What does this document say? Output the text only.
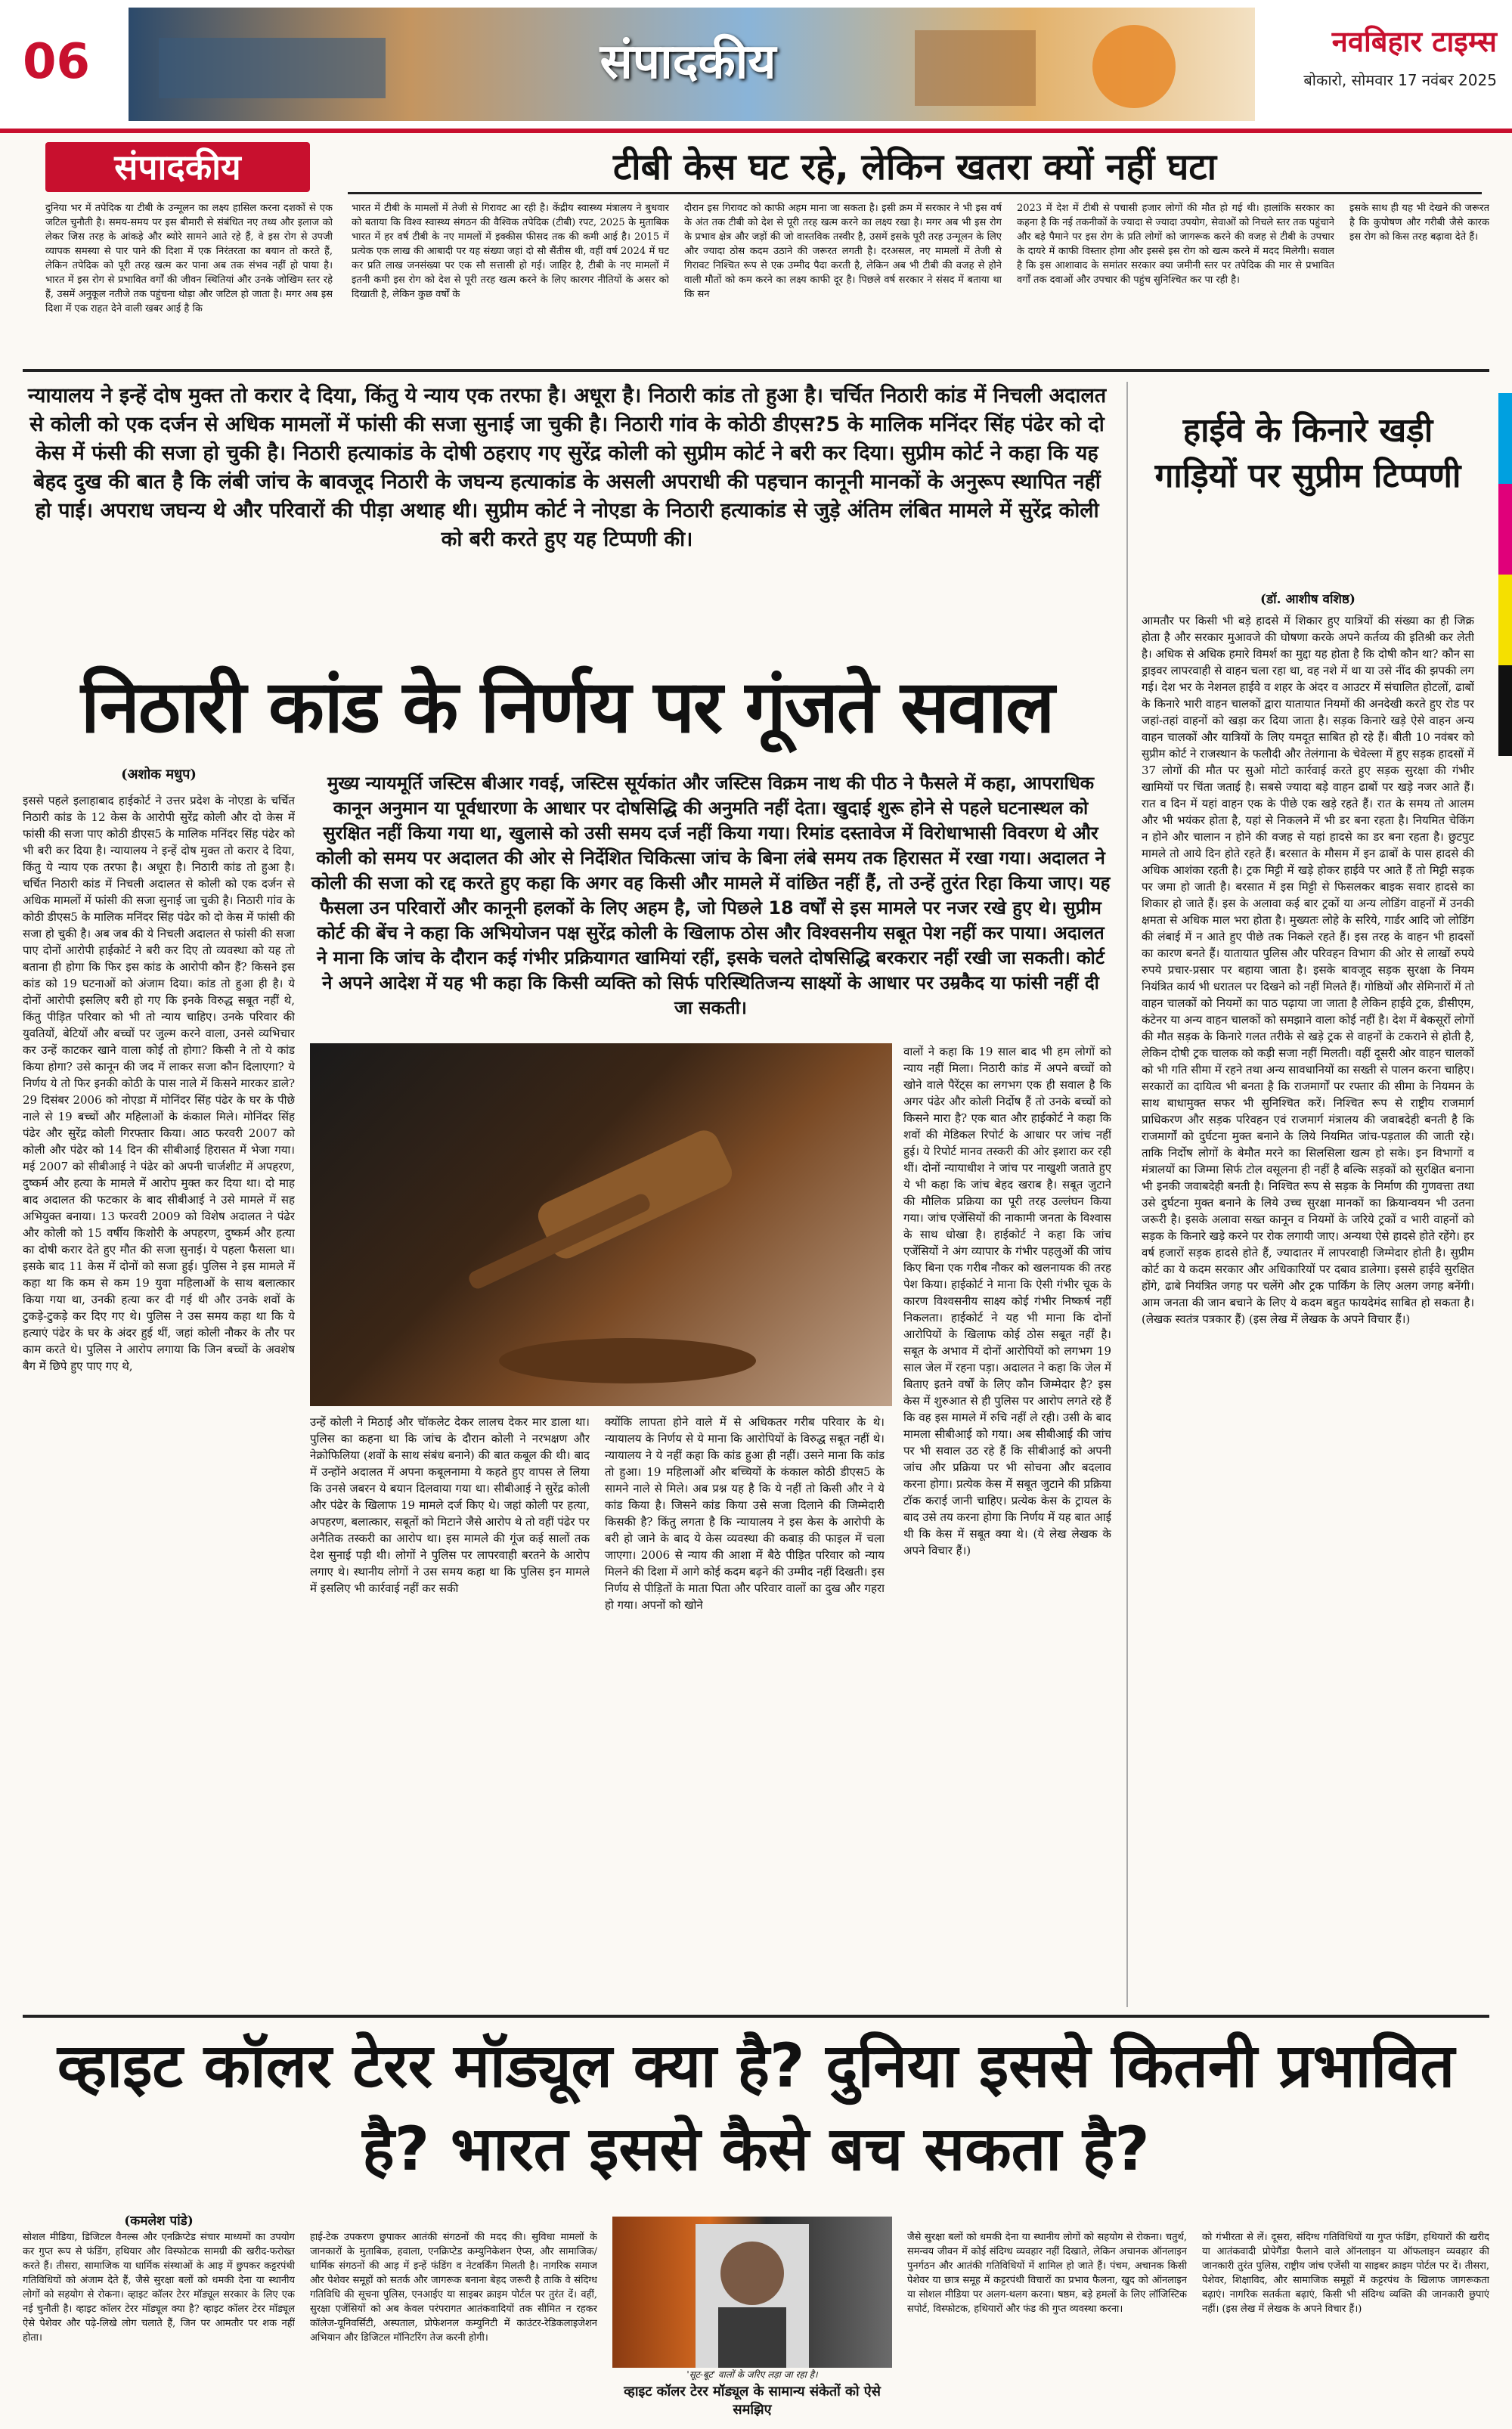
06	संपादकीय	नवबिहार टाइम्स
बोकारो, सोमवार 17 नवंबर 2025
संपादकीय	टीबी केस घट रहे, लेकिन खतरा क्यों नहीं घटा
दुनिया भर में तपेदिक या टीबी के उन्मूलन का लक्ष्य हासिल करना दशकों से एक जटिल चुनौती है। समय-समय पर इस बीमारी से संबंधित नए तथ्य और इलाज को लेकर जिस तरह के आंकड़े और ब्योरे सामने आते रहे हैं, वे इस रोग से उपजी व्यापक समस्या से पार पाने की दिशा में एक निरंतरता का बयान तो करते हैं, लेकिन तपेदिक को पूरी तरह खत्म कर पाना अब तक संभव नहीं हो पाया है। भारत में इस रोग से प्रभावित वर्गों की जीवन स्थितियां और उनके जोखिम स्तर रहे हैं, उसमें अनुकूल नतीजे तक पहुंचना थोड़ा और जटिल हो जाता है। मगर अब इस दिशा में एक राहत देने वाली खबर आई है कि
भारत में टीबी के मामलों में तेजी से गिरावट आ रही है। केंद्रीय स्वास्थ्य मंत्रालय ने बुधवार को बताया कि विश्व स्वास्थ्य संगठन की वैश्विक तपेदिक (टीबी) रपट, 2025 के मुताबिक भारत में हर वर्ष टीबी के नए मामलों में इक्कीस फीसद तक की कमी आई है। 2015 में प्रत्येक एक लाख की आबादी पर यह संख्या जहां दो सौ सैंतीस थी, वहीं वर्ष 2024 में घट कर प्रति लाख जनसंख्या पर एक सौ सत्तासी हो गई। जाहिर है, टीबी के नए मामलों में इतनी कमी इस रोग को देश से पूरी तरह खत्म करने के लिए कारगर नीतियों के असर को दिखाती है, लेकिन कुछ वर्षों के
दौरान इस गिरावट को काफी अहम माना जा सकता है। इसी क्रम में सरकार ने भी इस वर्ष के अंत तक टीबी को देश से पूरी तरह खत्म करने का लक्ष्य रखा है। मगर अब भी इस रोग के प्रभाव क्षेत्र और जड़ों की जो वास्तविक तस्वीर है, उसमें इसके पूरी तरह उन्मूलन के लिए और ज्यादा ठोस कदम उठाने की जरूरत लगती है। दरअसल, नए मामलों में तेजी से गिरावट निश्चित रूप से एक उम्मीद पैदा करती है, लेकिन अब भी टीबी की वजह से होने वाली मौतों को कम करने का लक्ष्य काफी दूर है। पिछले वर्ष सरकार ने संसद में बताया था कि सन
2023 में देश में टीबी से पचासी हजार लोगों की मौत हो गई थी। हालांकि सरकार का कहना है कि नई तकनीकों के ज्यादा से ज्यादा उपयोग, सेवाओं को निचले स्तर तक पहुंचाने और बड़े पैमाने पर इस रोग के प्रति लोगों को जागरूक करने की वजह से टीबी के उपचार के दायरे में काफी विस्तार होगा और इससे इस रोग को खत्म करने में मदद मिलेगी। सवाल है कि इस आशावाद के समांतर सरकार क्या जमीनी स्तर पर तपेदिक की मार से प्रभावित वर्गों तक दवाओं और उपचार की पहुंच सुनिश्चित कर पा रही है।
इसके साथ ही यह भी देखने की जरूरत है कि कुपोषण और गरीबी जैसे कारक इस रोग को किस तरह बढ़ावा देते हैं।
न्यायालय ने इन्हें दोष मुक्त तो करार दे दिया, किंतु ये न्याय एक तरफा है। अधूरा है। निठारी कांड तो हुआ है। चर्चित निठारी कांड में निचली अदालत से कोली को एक दर्जन से अधिक मामलों में फांसी की सजा सुनाई जा चुकी है। निठारी गांव के कोठी डीएस?5 के मालिक मनिंदर सिंह पंढेर को दो केस में फंसी की सजा हो चुकी है। निठारी हत्याकांड के दोषी ठहराए गए सुरेंद्र कोली को सुप्रीम कोर्ट ने बरी कर दिया। सुप्रीम कोर्ट ने कहा कि यह बेहद दुख की बात है कि लंबी जांच के बावजूद निठारी के जघन्य हत्याकांड के असली अपराधी की पहचान कानूनी मानकों के अनुरूप स्थापित नहीं हो पाई। अपराध जघन्य थे और परिवारों की पीड़ा अथाह थी। सुप्रीम कोर्ट ने नोएडा के निठारी हत्याकांड से जुड़े अंतिम लंबित मामले में सुरेंद्र कोली को बरी करते हुए यह टिप्पणी की।
निठारी कांड के निर्णय पर गूंजते सवाल
(अशोक मधुप)
इससे पहले इलाहाबाद हाईकोर्ट ने उत्तर प्रदेश के नोएडा के चर्चित निठारी कांड के 12 केस के आरोपी सुरेंद्र कोली और दो केस में फांसी की सजा पाए कोठी डीएस5 के मालिक मनिंदर सिंह पंढेर को भी बरी कर दिया है। न्यायालय ने इन्हें दोष मुक्त तो करार दे दिया, किंतु ये न्याय एक तरफा है। अधूरा है। निठारी कांड तो हुआ है। चर्चित निठारी कांड में निचली अदालत से कोली को एक दर्जन से अधिक मामलों में फांसी की सजा सुनाई जा चुकी है। निठारी गांव के कोठी डीएस5 के मालिक मनिंदर सिंह पंढेर को दो केस में फांसी की सजा हो चुकी है। अब जब की ये निचली अदालत से फांसी की सजा पाए दोनों आरोपी हाईकोर्ट ने बरी कर दिए तो व्यवस्था को यह तो बताना ही होगा कि फिर इस कांड के आरोपी कौन हैं? किसने इस कांड को 19 घटनाओं को अंजाम दिया। कांड तो हुआ ही है। ये दोनों आरोपी इसलिए बरी हो गए कि इनके विरुद्ध सबूत नहीं थे, किंतु पीड़ित परिवार को भी तो न्याय चाहिए। उनके परिवार की युवतियों, बेटियों और बच्चों पर जुल्म करने वाला, उनसे व्यभिचार कर उन्हें काटकर खाने वाला कोई तो होगा? किसी ने तो ये कांड किया होगा? उसे कानून की जद में लाकर सजा कौन दिलाएगा? ये निर्णय ये तो फिर इनकी कोठी के पास नाले में किसने मारकर डाले? 29 दिसंबर 2006 को नोएडा में मोनिंदर सिंह पंढेर के घर के पीछे नाले से 19 बच्चों और महिलाओं के कंकाल मिले। मोनिंदर सिंह पंढेर और सुरेंद्र कोली गिरफ्तार किया। आठ फरवरी 2007 को कोली और पंढेर को 14 दिन की सीबीआई हिरासत में भेजा गया। मई 2007 को सीबीआई ने पंढेर को अपनी चार्जशीट में अपहरण, दुष्कर्म और हत्या के मामले में आरोप मुक्त कर दिया था। दो माह बाद अदालत की फटकार के बाद सीबीआई ने उसे मामले में सह अभियुक्त बनाया। 13 फरवरी 2009 को विशेष अदालत ने पंढेर और कोली को 15 वर्षीय किशोरी के अपहरण, दुष्कर्म और हत्या का दोषी करार देते हुए मौत की सजा सुनाई। ये पहला फैसला था। इसके बाद 11 केस में दोनों को सजा हुई। पुलिस ने इस मामले में कहा था कि कम से कम 19 युवा महिलाओं के साथ बलात्कार किया गया था, उनकी हत्या कर दी गई थी और उनके शवों के टुकड़े-टुकड़े कर दिए गए थे। पुलिस ने उस समय कहा था कि ये हत्याएं पंढेर के घर के अंदर हुई थीं, जहां कोली नौकर के तौर पर काम करते थे। पुलिस ने आरोप लगाया कि जिन बच्चों के अवशेष बैग में छिपे हुए पाए गए थे,
मुख्य न्यायमूर्ति जस्टिस बीआर गवई, जस्टिस सूर्यकांत और जस्टिस विक्रम नाथ की पीठ ने फैसले में कहा, आपराधिक कानून अनुमान या पूर्वधारणा के आधार पर दोषसिद्धि की अनुमति नहीं देता। खुदाई शुरू होने से पहले घटनास्थल को सुरक्षित नहीं किया गया था, खुलासे को उसी समय दर्ज नहीं किया गया। रिमांड दस्तावेज में विरोधाभासी विवरण थे और कोली को समय पर अदालत की ओर से निर्देशित चिकित्सा जांच के बिना लंबे समय तक हिरासत में रखा गया। अदालत ने कोली की सजा को रद्द करते हुए कहा कि अगर वह किसी और मामले में वांछित नहीं हैं, तो उन्हें तुरंत रिहा किया जाए। यह फैसला उन परिवारों और कानूनी हलकों के लिए अहम है, जो पिछले 18 वर्षों से इस मामले पर नजर रखे हुए थे। सुप्रीम कोर्ट की बेंच ने कहा कि अभियोजन पक्ष सुरेंद्र कोली के खिलाफ ठोस और विश्वसनीय सबूत पेश नहीं कर पाया। अदालत ने माना कि जांच के दौरान कई गंभीर प्रक्रियागत खामियां रहीं, इसके चलते दोषसिद्धि बरकरार नहीं रखी जा सकती। कोर्ट ने अपने आदेश में यह भी कहा कि किसी व्यक्ति को सिर्फ परिस्थितिजन्य साक्ष्यों के आधार पर उम्रकैद या फांसी नहीं दी जा सकती।
उन्हें कोली ने मिठाई और चॉकलेट देकर लालच देकर मार डाला था। पुलिस का कहना था कि जांच के दौरान कोली ने नरभक्षण और नेक्रोफिलिया (शवों के साथ संबंध बनाने) की बात कबूल की थी। बाद में उन्होंने अदालत में अपना कबूलनामा ये कहते हुए वापस ले लिया कि उनसे जबरन ये बयान दिलवाया गया था। सीबीआई ने सुरेंद्र कोली और पंढेर के खिलाफ 19 मामले दर्ज किए थे। जहां कोली पर हत्या, अपहरण, बलात्कार, सबूतों को मिटाने जैसे आरोप थे तो वहीं पंढेर पर अनैतिक तस्करी का आरोप था। इस मामले की गूंज कई सालों तक देश सुनाई पड़ी थी। लोगों ने पुलिस पर लापरवाही बरतने के आरोप लगाए थे। स्थानीय लोगों ने उस समय कहा था कि पुलिस इन मामले में इसलिए भी कार्रवाई नहीं कर सकी
क्योंकि लापता होने वाले में से अधिकतर गरीब परिवार के थे। न्यायालय के निर्णय से ये माना कि आरोपियों के विरुद्ध सबूत नहीं थे। न्यायालय ने ये नहीं कहा कि कांड हुआ ही नहीं। उसने माना कि कांड तो हुआ। 19 महिलाओं और बच्चियों के कंकाल कोठी डीएस5 के सामने नाले से मिले। अब प्रश्न यह है कि ये नहीं तो किसी और ने ये कांड किया है। जिसने कांड किया उसे सजा दिलाने की जिम्मेदारी किसकी है? किंतु लगता है कि न्यायालय ने इस केस के आरोपी के बरी हो जाने के बाद ये केस व्यवस्था की कबाड़ की फाइल में चला जाएगा। 2006 से न्याय की आशा में बैठे पीड़ित परिवार को न्याय मिलने की दिशा में आगे कोई कदम बढ़ने की उम्मीद नहीं दिखती। इस निर्णय से पीड़ितों के माता पिता और परिवार वालों का दुख और गहरा हो गया। अपनों को खोने
वालों ने कहा कि 19 साल बाद भी हम लोगों को न्याय नहीं मिला। निठारी कांड में अपने बच्चों को खोने वाले पैरेंट्स का लगभग एक ही सवाल है कि अगर पंढेर और कोली निर्दोष हैं तो उनके बच्चों को किसने मारा है? एक बात और हाईकोर्ट ने कहा कि शवों की मेडिकल रिपोर्ट के आधार पर जांच नहीं हुई। ये रिपोर्ट मानव तस्करी की ओर इशारा कर रही थीं। दोनों न्यायाधीश ने जांच पर नाखुशी जताते हुए ये भी कहा कि जांच बेहद खराब है। सबूत जुटाने की मौलिक प्रक्रिया का पूरी तरह उल्लंघन किया गया। जांच एजेंसियों की नाकामी जनता के विश्वास के साथ धोखा है। हाईकोर्ट ने कहा कि जांच एजेंसियों ने अंग व्यापार के गंभीर पहलुओं की जांच किए बिना एक गरीब नौकर को खलनायक की तरह पेश किया। हाईकोर्ट ने माना कि ऐसी गंभीर चूक के कारण विश्वसनीय साक्ष्य कोई गंभीर निष्कर्ष नहीं निकलता। हाईकोर्ट ने यह भी माना कि दोनों आरोपियों के खिलाफ कोई ठोस सबूत नहीं है। सबूत के अभाव में दोनों आरोपियों को लगभग 19 साल जेल में रहना पड़ा। अदालत ने कहा कि जेल में बिताए इतने वर्षों के लिए कौन जिम्मेदार है? इस केस में शुरुआत से ही पुलिस पर आरोप लगते रहे हैं कि वह इस मामले में रुचि नहीं ले रही। उसी के बाद मामला सीबीआई को गया। अब सीबीआई की जांच पर भी सवाल उठ रहे हैं कि सीबीआई को अपनी जांच और प्रक्रिया पर भी सोचना और बदलाव करना होगा। प्रत्येक केस में सबूत जुटाने की प्रक्रिया टॉक कराई जानी चाहिए। प्रत्येक केस के ट्रायल के बाद उसे तय करना होगा कि निर्णय में यह बात आई थी कि केस में सबूत क्या थे। (ये लेख लेखक के अपने विचार हैं।)
हाईवे के किनारे खड़ी गाड़ियों पर सुप्रीम टिप्पणी
(डॉ. आशीष वशिष्ठ)
आमतौर पर किसी भी बड़े हादसे में शिकार हुए यात्रियों की संख्या का ही जिक्र होता है और सरकार मुआवजे की घोषणा करके अपने कर्तव्य की इतिश्री कर लेती है। अधिक से अधिक हमारे विमर्श का मुद्दा यह होता है कि दोषी कौन था? कौन सा ड्राइवर लापरवाही से वाहन चला रहा था, वह नशे में था या उसे नींद की झपकी लग गई। देश भर के नेशनल हाईवे व शहर के अंदर व आउटर में संचालित होटलों, ढाबों के किनारे भारी वाहन चालकों द्वारा यातायात नियमों की अनदेखी करते हुए रोड पर जहां-तहां वाहनों को खड़ा कर दिया जाता है। सड़क किनारे खड़े ऐसे वाहन अन्य वाहन चालकों और यात्रियों के लिए यमदूत साबित हो रहे हैं। बीती 10 नवंबर को सुप्रीम कोर्ट ने राजस्थान के फलौदी और तेलंगाना के चेवेल्ला में हुए सड़क हादसों में 37 लोगों की मौत पर सुओ मोटो कार्रवाई करते हुए सड़क सुरक्षा की गंभीर खामियों पर चिंता जताई है। सबसे ज्यादा बड़े वाहन ढाबों पर खड़े नजर आते हैं। रात व दिन में यहां वाहन एक के पीछे एक खड़े रहते हैं। रात के समय तो आलम और भी भयंकर होता है, यहां से निकलने में भी डर बना रहता है। नियमित चेकिंग न होने और चालान न होने की वजह से यहां हादसे का डर बना रहता है। छुटपुट मामले तो आये दिन होते रहते हैं। बरसात के मौसम में इन ढाबों के पास हादसे की अधिक आशंका रहती है। ट्रक मिट्टी में खड़े होकर हाईवे पर आते हैं तो मिट्टी सड़क पर जमा हो जाती है। बरसात में इस मिट्टी से फिसलकर बाइक सवार हादसे का शिकार हो जाते हैं। इस के अलावा कई बार ट्रकों या अन्य लोडिंग वाहनों में उनकी क्षमता से अधिक माल भरा होता है। मुख्यतः लोहे के सरिये, गार्डर आदि जो लोडिंग की लंबाई में न आते हुए पीछे तक निकले रहते हैं। इस तरह के वाहन भी हादसों का कारण बनते हैं। यातायात पुलिस और परिवहन विभाग की ओर से लाखों रुपये रुपये प्रचार-प्रसार पर बहाया जाता है। इसके बावजूद सड़क सुरक्षा के नियम नियंत्रित कार्य भी धरातल पर दिखने को नहीं मिलते हैं। गोष्ठियों और सेमिनारों में तो वाहन चालकों को नियमों का पाठ पढ़ाया जा जाता है लेकिन हाईवे ट्रक, डीसीएम, कंटेनर या अन्य वाहन चालकों को समझाने वाला कोई नहीं है। देश में बेकसूरों लोगों की मौत सड़क के किनारे गलत तरीके से खड़े ट्रक से वाहनों के टकराने से होती है, लेकिन दोषी ट्रक चालक को कड़ी सजा नहीं मिलती। वहीं दूसरी ओर वाहन चालकों को भी गति सीमा में रहने तथा अन्य सावधानियों का सख्ती से पालन करना चाहिए। सरकारों का दायित्व भी बनता है कि राजमार्गों पर रफ्तार की सीमा के नियमन के साथ बाधामुक्त सफर भी सुनिश्चित करें। निश्चित रूप से राष्ट्रीय राजमार्ग प्राधिकरण और सड़क परिवहन एवं राजमार्ग मंत्रालय की जवाबदेही बनती है कि राजमार्गों को दुर्घटना मुक्त बनाने के लिये नियमित जांच-पड़ताल की जाती रहे। ताकि निर्दोष लोगों के बेमौत मरने का सिलसिला खत्म हो सके। इन विभागों व मंत्रालयों का जिम्मा सिर्फ टोल वसूलना ही नहीं है बल्कि सड़कों को सुरक्षित बनाना भी इनकी जवाबदेही बनती है। निश्चित रूप से सड़क के निर्माण की गुणवत्ता तथा उसे दुर्घटना मुक्त बनाने के लिये उच्च सुरक्षा मानकों का क्रियान्वयन भी उतना जरूरी है। इसके अलावा सख्त कानून व नियमों के जरिये ट्रकों व भारी वाहनों को सड़क के किनारे खड़े करने पर रोक लगायी जाए। अन्यथा ऐसे हादसे होते रहेंगे। हर वर्ष हजारों सड़क हादसे होते हैं, ज्यादातर में लापरवाही जिम्मेदार होती है। सुप्रीम कोर्ट का ये कदम सरकार और अधिकारियों पर दबाव डालेगा। इससे हाईवे सुरक्षित होंगे, ढाबे नियंत्रित जगह पर चलेंगे और ट्रक पार्किंग के लिए अलग जगह बनेंगी। आम जनता की जान बचाने के लिए ये कदम बहुत फायदेमंद साबित हो सकता है। (लेखक स्वतंत्र पत्रकार हैं) (इस लेख में लेखक के अपने विचार हैं।)
व्हाइट कॉलर टेरर मॉड्यूल क्या है? दुनिया इससे कितनी प्रभावित है? भारत इससे कैसे बच सकता है?
(कमलेश पांडे)
सोशल मीडिया, डिजिटल वैनल्स और एनक्रिप्टेड संचार माध्यमों का उपयोग कर गुप्त रूप से फंडिंग, हथियार और विस्फोटक सामग्री की खरीद-फरोख्त करते हैं। तीसरा, सामाजिक या धार्मिक संस्थाओं के आड़ में छुपकर कट्टरपंथी गतिविधियों को अंजाम देते हैं, जैसे सुरक्षा बलों को धमकी देना या स्थानीय लोगों को सहयोग से रोकना। व्हाइट कॉलर टेरर मॉड्यूल सरकार के लिए एक नई चुनौती है। व्हाइट कॉलर टेरर मॉड्यूल क्या है? व्हाइट कॉलर टेरर मॉड्यूल ऐसे पेशेवर और पढ़े-लिखे लोग चलाते हैं, जिन पर आमतौर पर शक नहीं होता।
हाई-टेक उपकरण छुपाकर आतंकी संगठनों की मदद की। सुविधा मामलों के जानकारों के मुताबिक, हवाला, एनक्रिप्टेड कम्युनिकेशन ऐप्स, और सामाजिक/धार्मिक संगठनों की आड़ में इन्हें फंडिंग व नेटवर्किंग मिलती है। नागरिक समाज और पेशेवर समूहों को सतर्क और जागरूक बनाना बेहद जरूरी है ताकि वे संदिग्ध गतिविधि की सूचना पुलिस, एनआईए या साइबर क्राइम पोर्टल पर तुरंत दें। वहीं, सुरक्षा एजेंसियों को अब केवल परंपरागत आतंकवादियों तक सीमित न रहकर कॉलेज-यूनिवर्सिटी, अस्पताल, प्रोफेशनल कम्युनिटी में काउंटर-रेडिकलाइजेशन अभियान और डिजिटल मॉनिटरिंग तेज करनी होगी।
'सूट-बूट' वालों के जरिए लड़ा जा रहा है।
व्हाइट कॉलर टेरर मॉड्यूल के सामान्य संकेतों को ऐसे समझिए
जैसे सुरक्षा बलों को धमकी देना या स्थानीय लोगों को सहयोग से रोकना। चतुर्थ, समन्वय जीवन में कोई संदिग्ध व्यवहार नहीं दिखाते, लेकिन अचानक ऑनलाइन पुनर्गठन और आतंकी गतिविधियों में शामिल हो जाते हैं। पंचम, अचानक किसी पेशेवर या छात्र समूह में कट्टरपंथी विचारों का प्रभाव फैलना, खुद को ऑनलाइन या सोशल मीडिया पर अलग-थलग करना। षष्ठम, बड़े हमलों के लिए लॉजिस्टिक सपोर्ट, विस्फोटक, हथियारों और फंड की गुप्त व्यवस्था करना।
को गंभीरता से लें। दूसरा, संदिग्ध गतिविधियों या गुप्त फंडिंग, हथियारों की खरीद या आतंकवादी प्रोपेगैंडा फैलाने वाले ऑनलाइन या ऑफलाइन व्यवहार की जानकारी तुरंत पुलिस, राष्ट्रीय जांच एजेंसी या साइबर क्राइम पोर्टल पर दें। तीसरा, पेशेवर, शिक्षाविद, और सामाजिक समूहों में कट्टरपंथ के खिलाफ जागरूकता बढ़ाएं। नागरिक सतर्कता बढ़ाएं, किसी भी संदिग्ध व्यक्ति की जानकारी छुपाएं नहीं। (इस लेख में लेखक के अपने विचार हैं।)
